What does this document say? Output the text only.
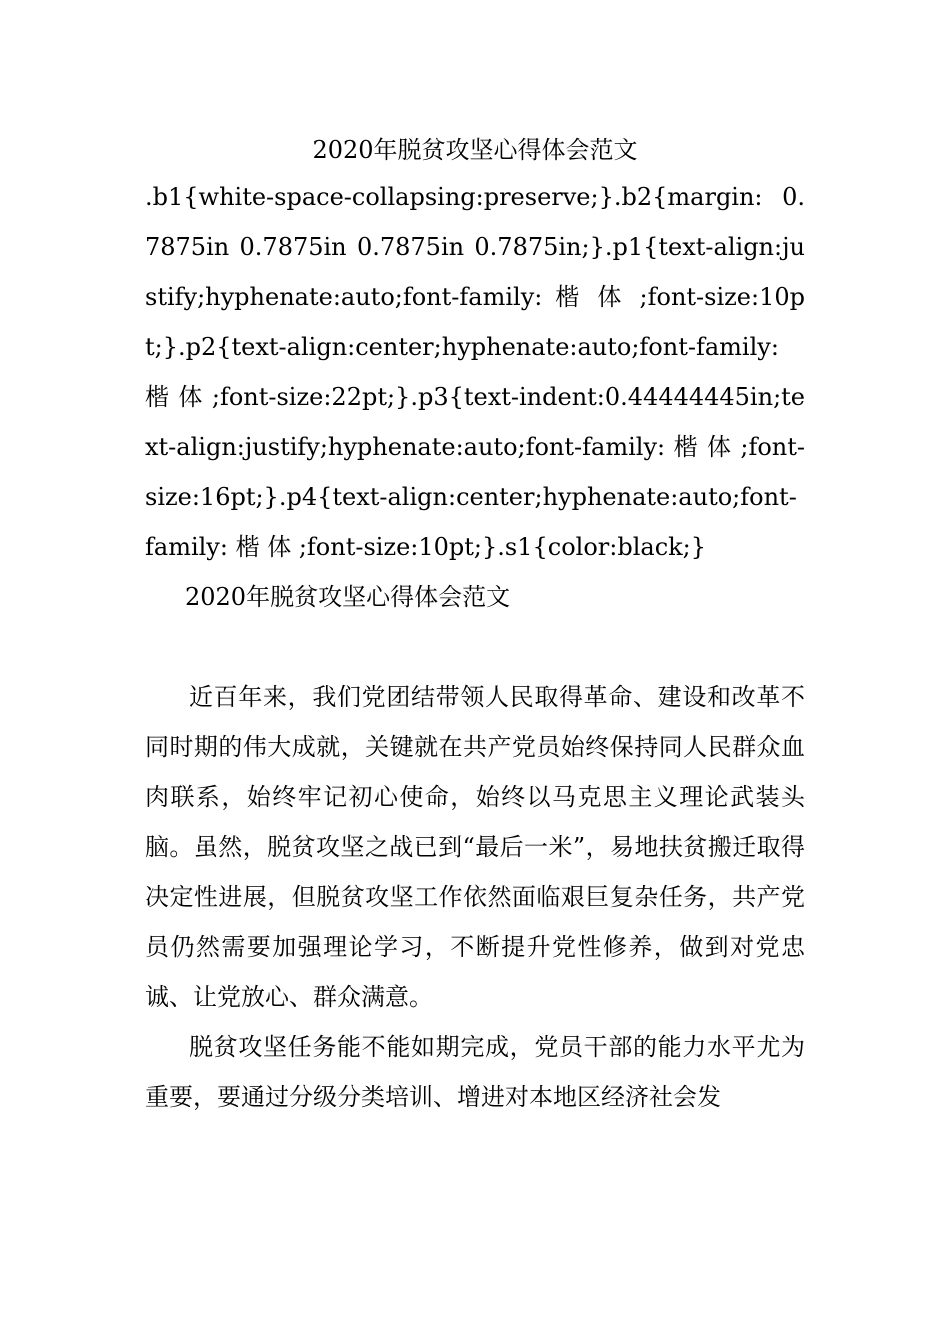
2020年脱贫攻坚心得体会范文

.b1{white-space-collapsing:preserve;}.b2{margin: 0.7875in 0.7875in 0.7875in 0.7875in;}.p1{text-align:justify;hyphenate:auto;font-family: 楷 体 ;font-size:10pt;}.p2{text-align:center;hyphenate:auto;font-family: 楷 体 ;font-size:22pt;}.p3{text-indent:0.44444445in;text-align:justify;hyphenate:auto;font-family: 楷 体 ;font-size:16pt;}.p4{text-align:center;hyphenate:auto;font-family: 楷 体 ;font-size:10pt;}.s1{color:black;}

2020年脱贫攻坚心得体会范文

近百年来，我们党团结带领人民取得革命、建设和改革不同时期的伟大成就，关键就在共产党员始终保持同人民群众血肉联系，始终牢记初心使命，始终以马克思主义理论武装头脑。虽然，脱贫攻坚之战已到“最后一米”，易地扶贫搬迁取得决定性进展，但脱贫攻坚工作依然面临艰巨复杂任务，共产党员仍然需要加强理论学习，不断提升党性修养，做到对党忠诚、让党放心、群众满意。

脱贫攻坚任务能不能如期完成，党员干部的能力水平尤为重要，要通过分级分类培训、增进对本地区经济社会发
